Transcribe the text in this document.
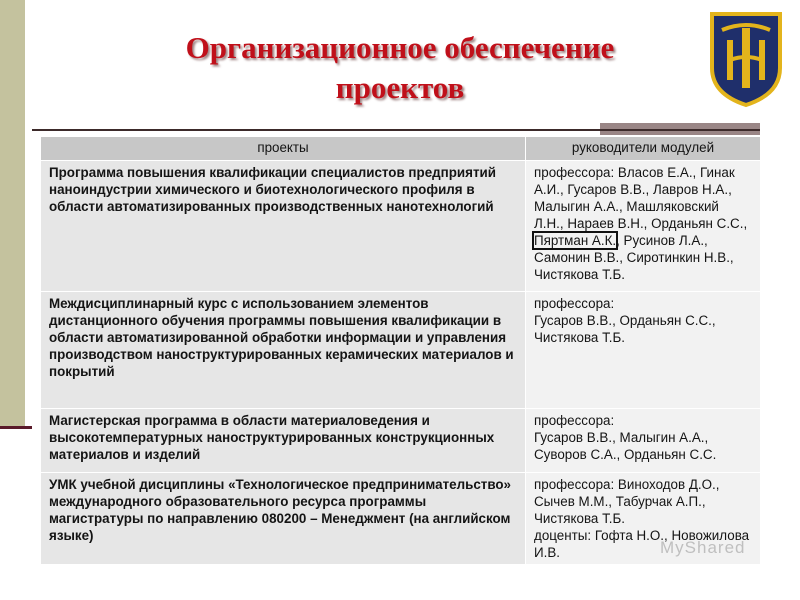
Организационное обеспечение
проектов
проекты	руководители модулей
Программа повышения квалификации специалистов предприятий наноиндустрии химического и биотехнологического профиля в области автоматизированных производственных нанотехнологий	профессора: Власов Е.А., Гинак А.И., Гусаров В.В., Лавров Н.А., Малыгин А.А., Машляковский Л.Н., Нараев В.Н., Орданьян С.С., Пяртман А.К., Русинов Л.А., Самонин В.В., Сиротинкин Н.В., Чистякова Т.Б.
Междисциплинарный курс с использованием элементов дистанционного обучения программы повышения квалификации в области автоматизированной обработки информации и управления производством наноструктурированных керамических материалов и покрытий	профессора:
Гусаров В.В., Орданьян С.С., Чистякова Т.Б.

Магистерская программа в области материаловедения и высокотемпературных наноструктурированных конструкционных материалов и изделий	профессора:
Гусаров В.В., Малыгин А.А., Суворов С.А., Орданьян С.С.

УМК учебной дисциплины «Технологическое предпринимательство» международного образовательного ресурса программы магистратуры по направлению 080200 – Менеджмент (на английском языке)	профессора: Виноходов Д.О., Сычев М.М., Табурчак А.П., Чистякова Т.Б.
доценты: Гофта Н.О., Новожилова И.В.	MyShared
